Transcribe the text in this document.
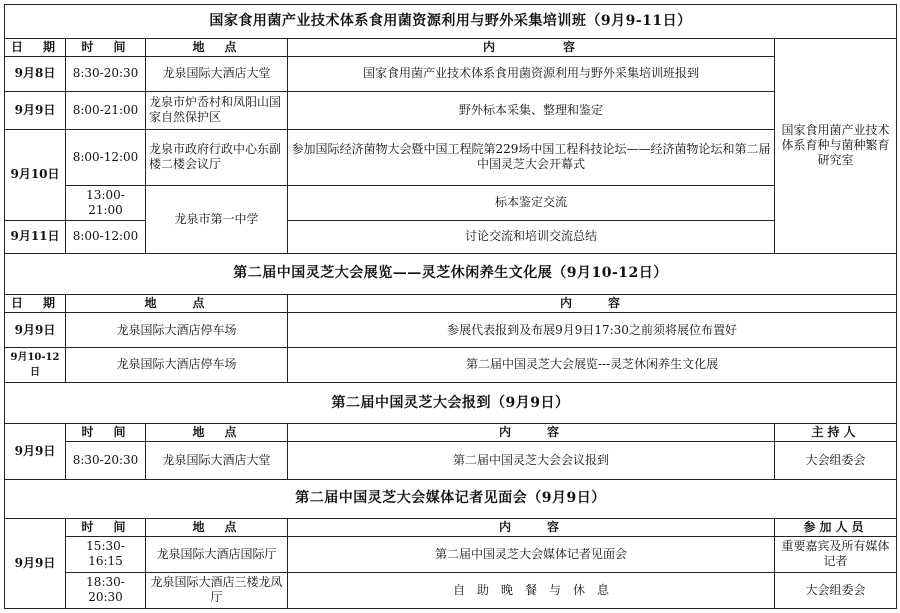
国家食用菌产业技术体系食用菌资源利用与野外采集培训班（9月9-11日）				
日　期	时　间	地　点	内　　　　容	国家食用菌产业技术体系育种与菌种繁育研究室
9月8日	8:30-20:30	龙泉国际大酒店大堂	国家食用菌产业技术体系食用菌资源利用与野外采集培训班报到	
9月9日	8:00-21:00	龙泉市炉岙村和凤阳山国家自然保护区	野外标本采集、整理和鉴定	
9月10日	8:00-12:00	龙泉市政府行政中心东副楼二楼会议厅	参加国际经济菌物大会暨中国工程院第229场中国工程科技论坛——经济菌物论坛和第二届中国灵芝大会开幕式	
	13:00-21:00	龙泉市第一中学	标本鉴定交流	
9月11日	8:00-12:00		讨论交流和培训交流总结	
第二届中国灵芝大会展览——灵芝休闲养生文化展（9月10-12日）				
日　期	地　　点		内　　容	
9月9日	龙泉国际大酒店停车场		参展代表报到及布展9月9日17:30之前须将展位布置好	
9月10-12日	龙泉国际大酒店停车场		第二届中国灵芝大会展览---灵芝休闲养生文化展	
第二届中国灵芝大会报到（9月9日）				
9月9日	时　间	地　点	内　　容	主持人
	8:30-20:30	龙泉国际大酒店大堂	第二届中国灵芝大会会议报到	大会组委会
第二届中国灵芝大会媒体记者见面会（9月9日）				
9月9日	时　间	地　点	内　　容	参加人员
	15:30-16:15	龙泉国际大酒店国际厅	第二届中国灵芝大会媒体记者见面会	重要嘉宾及所有媒体记者
	18:30-20:30	龙泉国际大酒店三楼龙凤厅	自　助　晚　餐　与　休　息	大会组委会
